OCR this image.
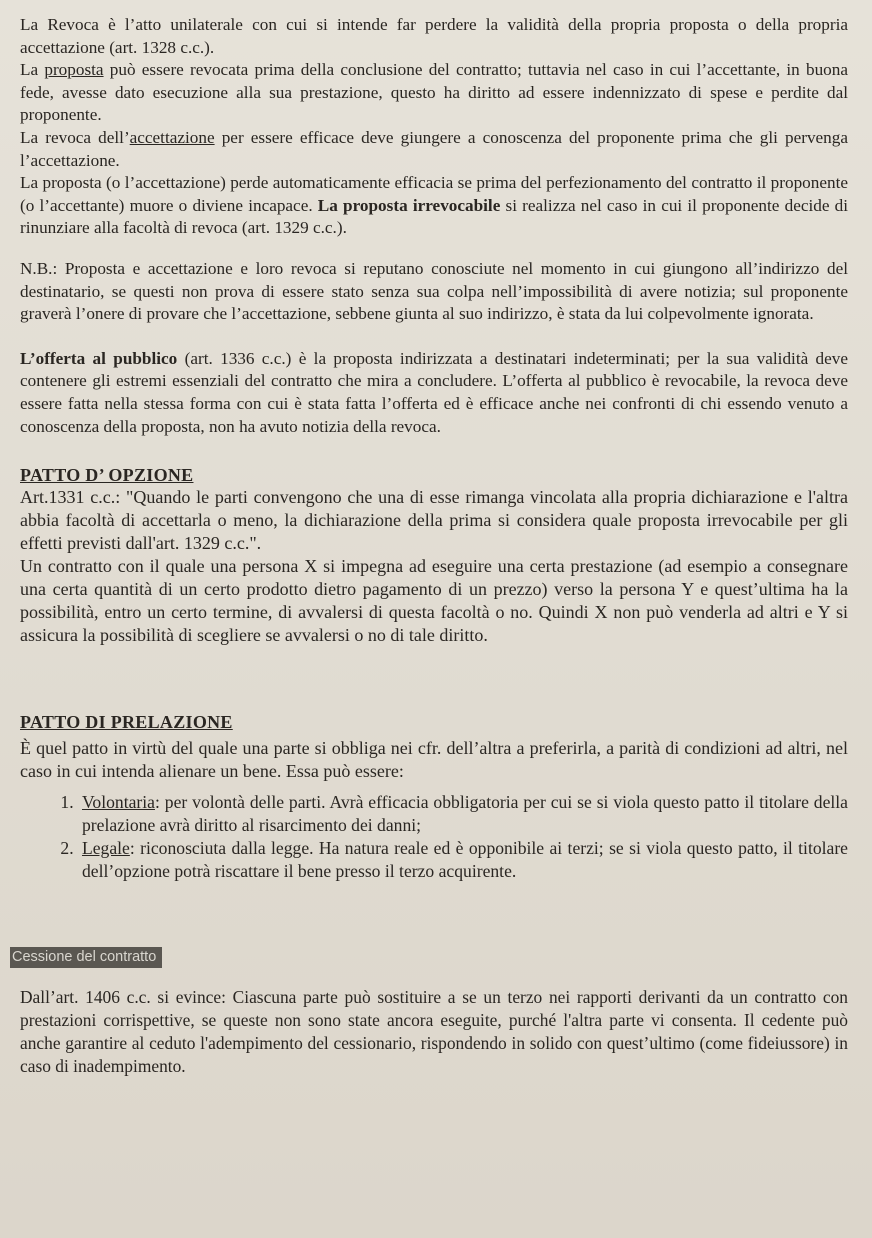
La Revoca è l’atto unilaterale con cui si intende far perdere la validità della propria proposta o della propria accettazione (art. 1328 c.c.).

La proposta può essere revocata prima della conclusione del contratto; tuttavia nel caso in cui l’accettante, in buona fede, avesse dato esecuzione alla sua prestazione, questo ha diritto ad essere indennizzato di spese e perdite dal proponente.

La revoca dell’accettazione per essere efficace deve giungere a conoscenza del proponente prima che gli pervenga l’accettazione.

La proposta (o l’accettazione) perde automaticamente efficacia se prima del perfezionamento del contratto il proponente (o l’accettante) muore o diviene incapace. La proposta irrevocabile si realizza nel caso in cui il proponente decide di rinunziare alla facoltà di revoca (art. 1329 c.c.).

N.B.: Proposta e accettazione e loro revoca si reputano conosciute nel momento in cui giungono all’indirizzo del destinatario, se questi non prova di essere stato senza sua colpa nell’impossibilità di avere notizia; sul proponente graverà l’onere di provare che l’accettazione, sebbene giunta al suo indirizzo, è stata da lui colpevolmente ignorata.

L’offerta al pubblico (art. 1336 c.c.) è la proposta indirizzata a destinatari indeterminati; per la sua validità deve contenere gli estremi essenziali del contratto che mira a concludere. L’offerta al pubblico è revocabile, la revoca deve essere fatta nella stessa forma con cui è stata fatta l’offerta ed è efficace anche nei confronti di chi essendo venuto a conoscenza della proposta, non ha avuto notizia della revoca.

PATTO D’ OPZIONE

Art.1331 c.c.: "Quando le parti convengono che una di esse rimanga vincolata alla propria dichiarazione e l'altra abbia facoltà di accettarla o meno, la dichiarazione della prima si considera quale proposta irrevocabile per gli effetti previsti dall'art. 1329 c.c.".

Un contratto con il quale una persona X si impegna ad eseguire una certa prestazione (ad esempio a consegnare una certa quantità di un certo prodotto dietro pagamento di un prezzo) verso la persona Y e quest’ultima ha la possibilità, entro un certo termine, di avvalersi di questa facoltà o no. Quindi X non può venderla ad altri e Y si assicura la possibilità di scegliere se avvalersi o no di tale diritto.

PATTO DI PRELAZIONE

È quel patto in virtù del quale una parte si obbliga nei cfr. dell’altra a preferirla, a parità di condizioni ad altri, nel caso in cui intenda alienare un bene. Essa può essere:

1. Volontaria: per volontà delle parti. Avrà efficacia obbligatoria per cui se si viola questo patto il titolare della prelazione avrà diritto al risarcimento dei danni;
2. Legale: riconosciuta dalla legge. Ha natura reale ed è opponibile ai terzi; se si viola questo patto, il titolare dell’opzione potrà riscattare il bene presso il terzo acquirente.
Cessione del contratto

Dall’art. 1406 c.c. si evince: Ciascuna parte può sostituire a se un terzo nei rapporti derivanti da un contratto con prestazioni corrispettive, se queste non sono state ancora eseguite, purché l'altra parte vi consenta. Il cedente può anche garantire al ceduto l'adempimento del cessionario, rispondendo in solido con quest’ultimo (come fideiussore) in caso di inadempimento.
